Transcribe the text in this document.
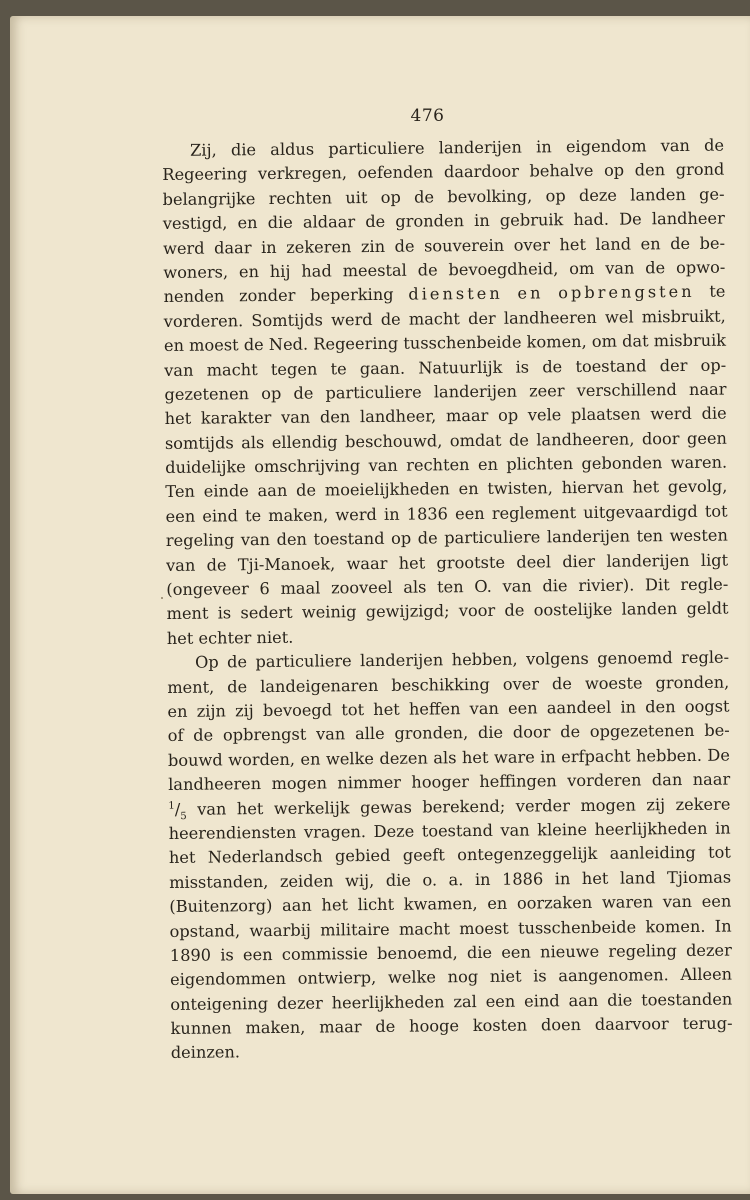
476
Zij, die aldus particuliere landerijen in eigendom van de
Regeering verkregen, oefenden daardoor behalve op den grond
belangrijke rechten uit op de bevolking, op deze landen ge-
vestigd, en die aldaar de gronden in gebruik had. De landheer
werd daar in zekeren zin de souverein over het land en de be-
woners, en hij had meestal de bevoegdheid, om van de opwo-
nenden zonder beperking diensten en opbrengsten te
vorderen. Somtijds werd de macht der landheeren wel misbruikt,
en moest de Ned. Regeering tusschenbeide komen, om dat misbruik
van macht tegen te gaan. Natuurlijk is de toestand der op-
gezetenen op de particuliere landerijen zeer verschillend naar
het karakter van den landheer, maar op vele plaatsen werd die
somtijds als ellendig beschouwd, omdat de landheeren, door geen
duidelijke omschrijving van rechten en plichten gebonden waren.
Ten einde aan de moeielijkheden en twisten, hiervan het gevolg,
een eind te maken, werd in 1836 een reglement uitgevaardigd tot
regeling van den toestand op de particuliere landerijen ten westen
van de Tji-Manoek, waar het grootste deel dier landerijen ligt
(ongeveer 6 maal zooveel als ten O. van die rivier). Dit regle-
ment is sedert weinig gewijzigd; voor de oostelijke landen geldt
het echter niet.
Op de particuliere landerijen hebben, volgens genoemd regle-
ment, de landeigenaren beschikking over de woeste gronden,
en zijn zij bevoegd tot het heffen van een aandeel in den oogst
of de opbrengst van alle gronden, die door de opgezetenen be-
bouwd worden, en welke dezen als het ware in erfpacht hebben. De
landheeren mogen nimmer hooger heffingen vorderen dan naar
$^1/_5$ van het werkelijk gewas berekend; verder mogen zij zekere
heerendiensten vragen. Deze toestand van kleine heerlijkheden in
het Nederlandsch gebied geeft ontegenzeggelijk aanleiding tot
misstanden, zeiden wij, die o. a. in 1886 in het land Tjiomas
(Buitenzorg) aan het licht kwamen, en oorzaken waren van een
opstand, waarbij militaire macht moest tusschenbeide komen. In
1890 is een commissie benoemd, die een nieuwe regeling dezer
eigendommen ontwierp, welke nog niet is aangenomen. Alleen
onteigening dezer heerlijkheden zal een eind aan die toestanden
kunnen maken, maar de hooge kosten doen daarvoor terug-
deinzen.
